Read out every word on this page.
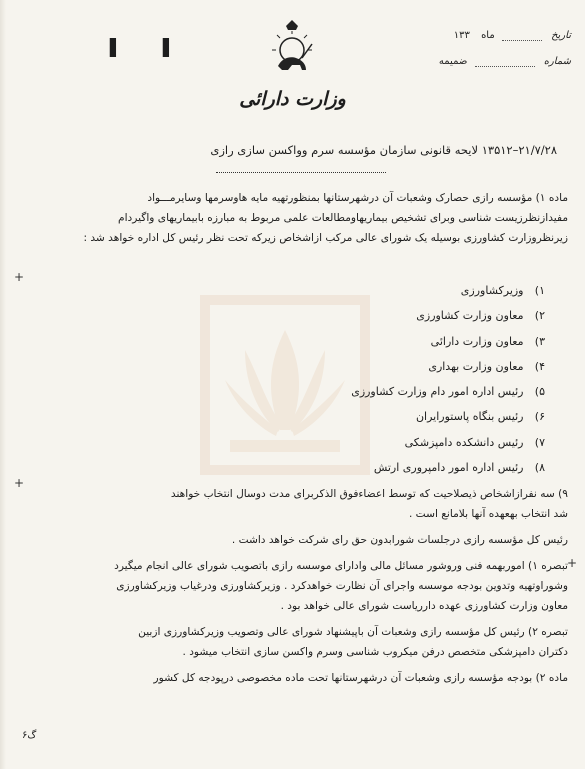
▌	▌
وزارت دارائی
تاریخ  ماه ۱۳۳
شماره  ضمیمه
۲۱/۷/۲۸–۱۳۵۱۲ لایحه قانونی سازمان مؤسسه سرم وواکسن سازی رازی
ماده ۱) مؤسسه رازی حصارک وشعبات آن درشهرستانها بمنظورتهیه مایه هاوسرمها وسایرمـــواد
مفیدازنظرزیست شناسی وبرای تشخیص بیماریهاومطالعات علمی مربوط به مبارزه بابیماریهای واگیردام
زیرنظروزارت کشاورزی بوسیله یک شورای عالی مرکب ازاشخاص زیرکه تحت نظر رئیس کل اداره خواهد شد :
۱) وزیرکشاورزی
۲) معاون وزارت کشاورزی
۳) معاون وزارت دارائی
۴) معاون وزارت بهداری
۵) رئیس اداره امور دام وزارت کشاورزی
۶) رئیس بنگاه پاستورایران
۷) رئیس دانشکده دامپزشکی
۸) رئیس اداره امور دامپروری ارتش
۹) سه نفرازاشخاص ذیصلاحیت که توسط اعضاءفوق الذکربرای مدت دوسال انتخاب خواهند
شد انتخاب بهعهده آنها بلامانع است .
رئیس کل مؤسسه رازی درجلسات شورابدون حق رای شرکت خواهد داشت .
تبصره ۱) اموربهمه فنی وروشور مسائل مالی وادارای موسسه رازی باتصویب شورای عالی انجام میگیرد
وشوراوتهیه وتدوین بودجه موسسه واجرای آن نظارت خواهدکرد . وزیرکشاورزی ودرغیاب وزیرکشاورزی
معاون وزارت کشاورزی عهده دارریاست شورای عالی خواهد بود .
تبصره ۲) رئیس کل مؤسسه رازی وشعبات آن باپیشنهاد شورای عالی وتصویب وزیرکشاورزی ازبین
دکتران دامپزشکی متخصص درفن میکروب شناسی وسرم واکسن سازی انتخاب میشود .
ماده ۲) بودجه مؤسسه رازی وشعبات آن درشهرستانها تحت ماده مخصوصی درپودجه کل کشور
+
+
+
گ۶
